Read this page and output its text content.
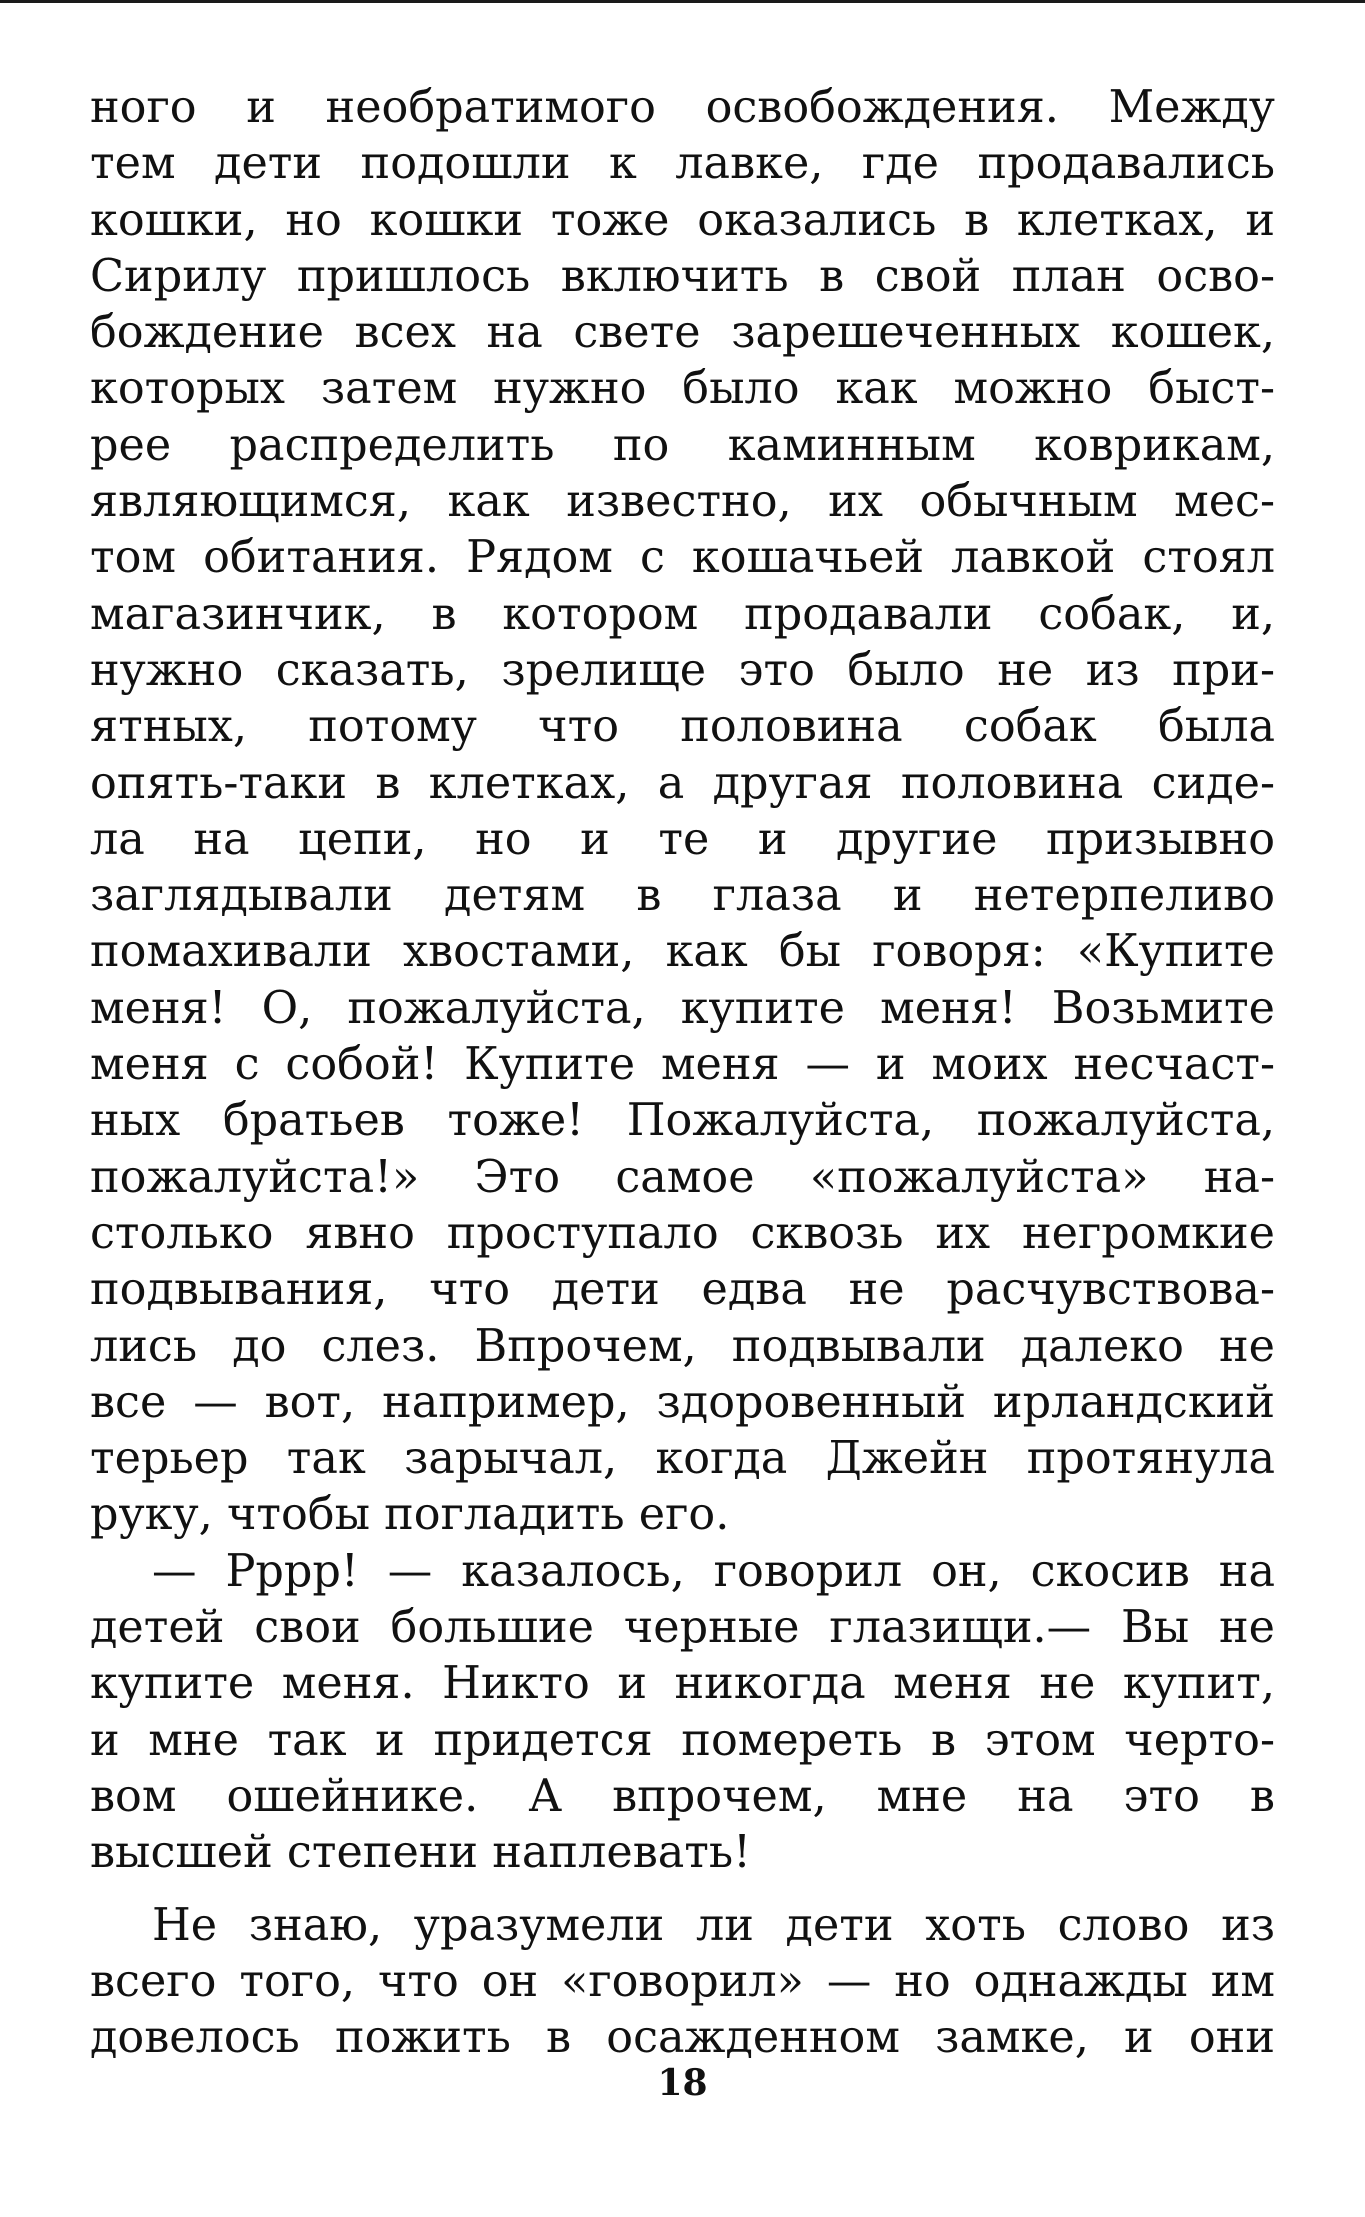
ного и необратимого освобождения. Между
тем дети подошли к лавке, где продавались
кошки, но кошки тоже оказались в клетках, и
Сирилу пришлось включить в свой план осво-
бождение всех на свете зарешеченных кошек,
которых затем нужно было как можно быст-
рее распределить по каминным коврикам,
являющимся, как известно, их обычным мес-
том обитания. Рядом с кошачьей лавкой стоял
магазинчик, в котором продавали собак, и,
нужно сказать, зрелище это было не из при-
ятных, потому что половина собак была
опять-таки в клетках, а другая половина сиде-
ла на цепи, но и те и другие призывно
заглядывали детям в глаза и нетерпеливо
помахивали хвостами, как бы говоря: «Купите
меня! О, пожалуйста, купите меня! Возьмите
меня с собой! Купите меня — и моих несчаст-
ных братьев тоже! Пожалуйста, пожалуйста,
пожалуйста!» Это самое «пожалуйста» на-
столько явно проступало сквозь их негромкие
подвывания, что дети едва не расчувствова-
лись до слез. Впрочем, подвывали далеко не
все — вот, например, здоровенный ирландский
терьер так зарычал, когда Джейн протянула
руку, чтобы погладить его.
— Рррр! — казалось, говорил он, скосив на
детей свои большие черные глазищи.— Вы не
купите меня. Никто и никогда меня не купит,
и мне так и придется помереть в этом черто-
вом ошейнике. А впрочем, мне на это в
высшей степени наплевать!
Не знаю, уразумели ли дети хоть слово из
всего того, что он «говорил» — но однажды им
довелось пожить в осажденном замке, и они
18
